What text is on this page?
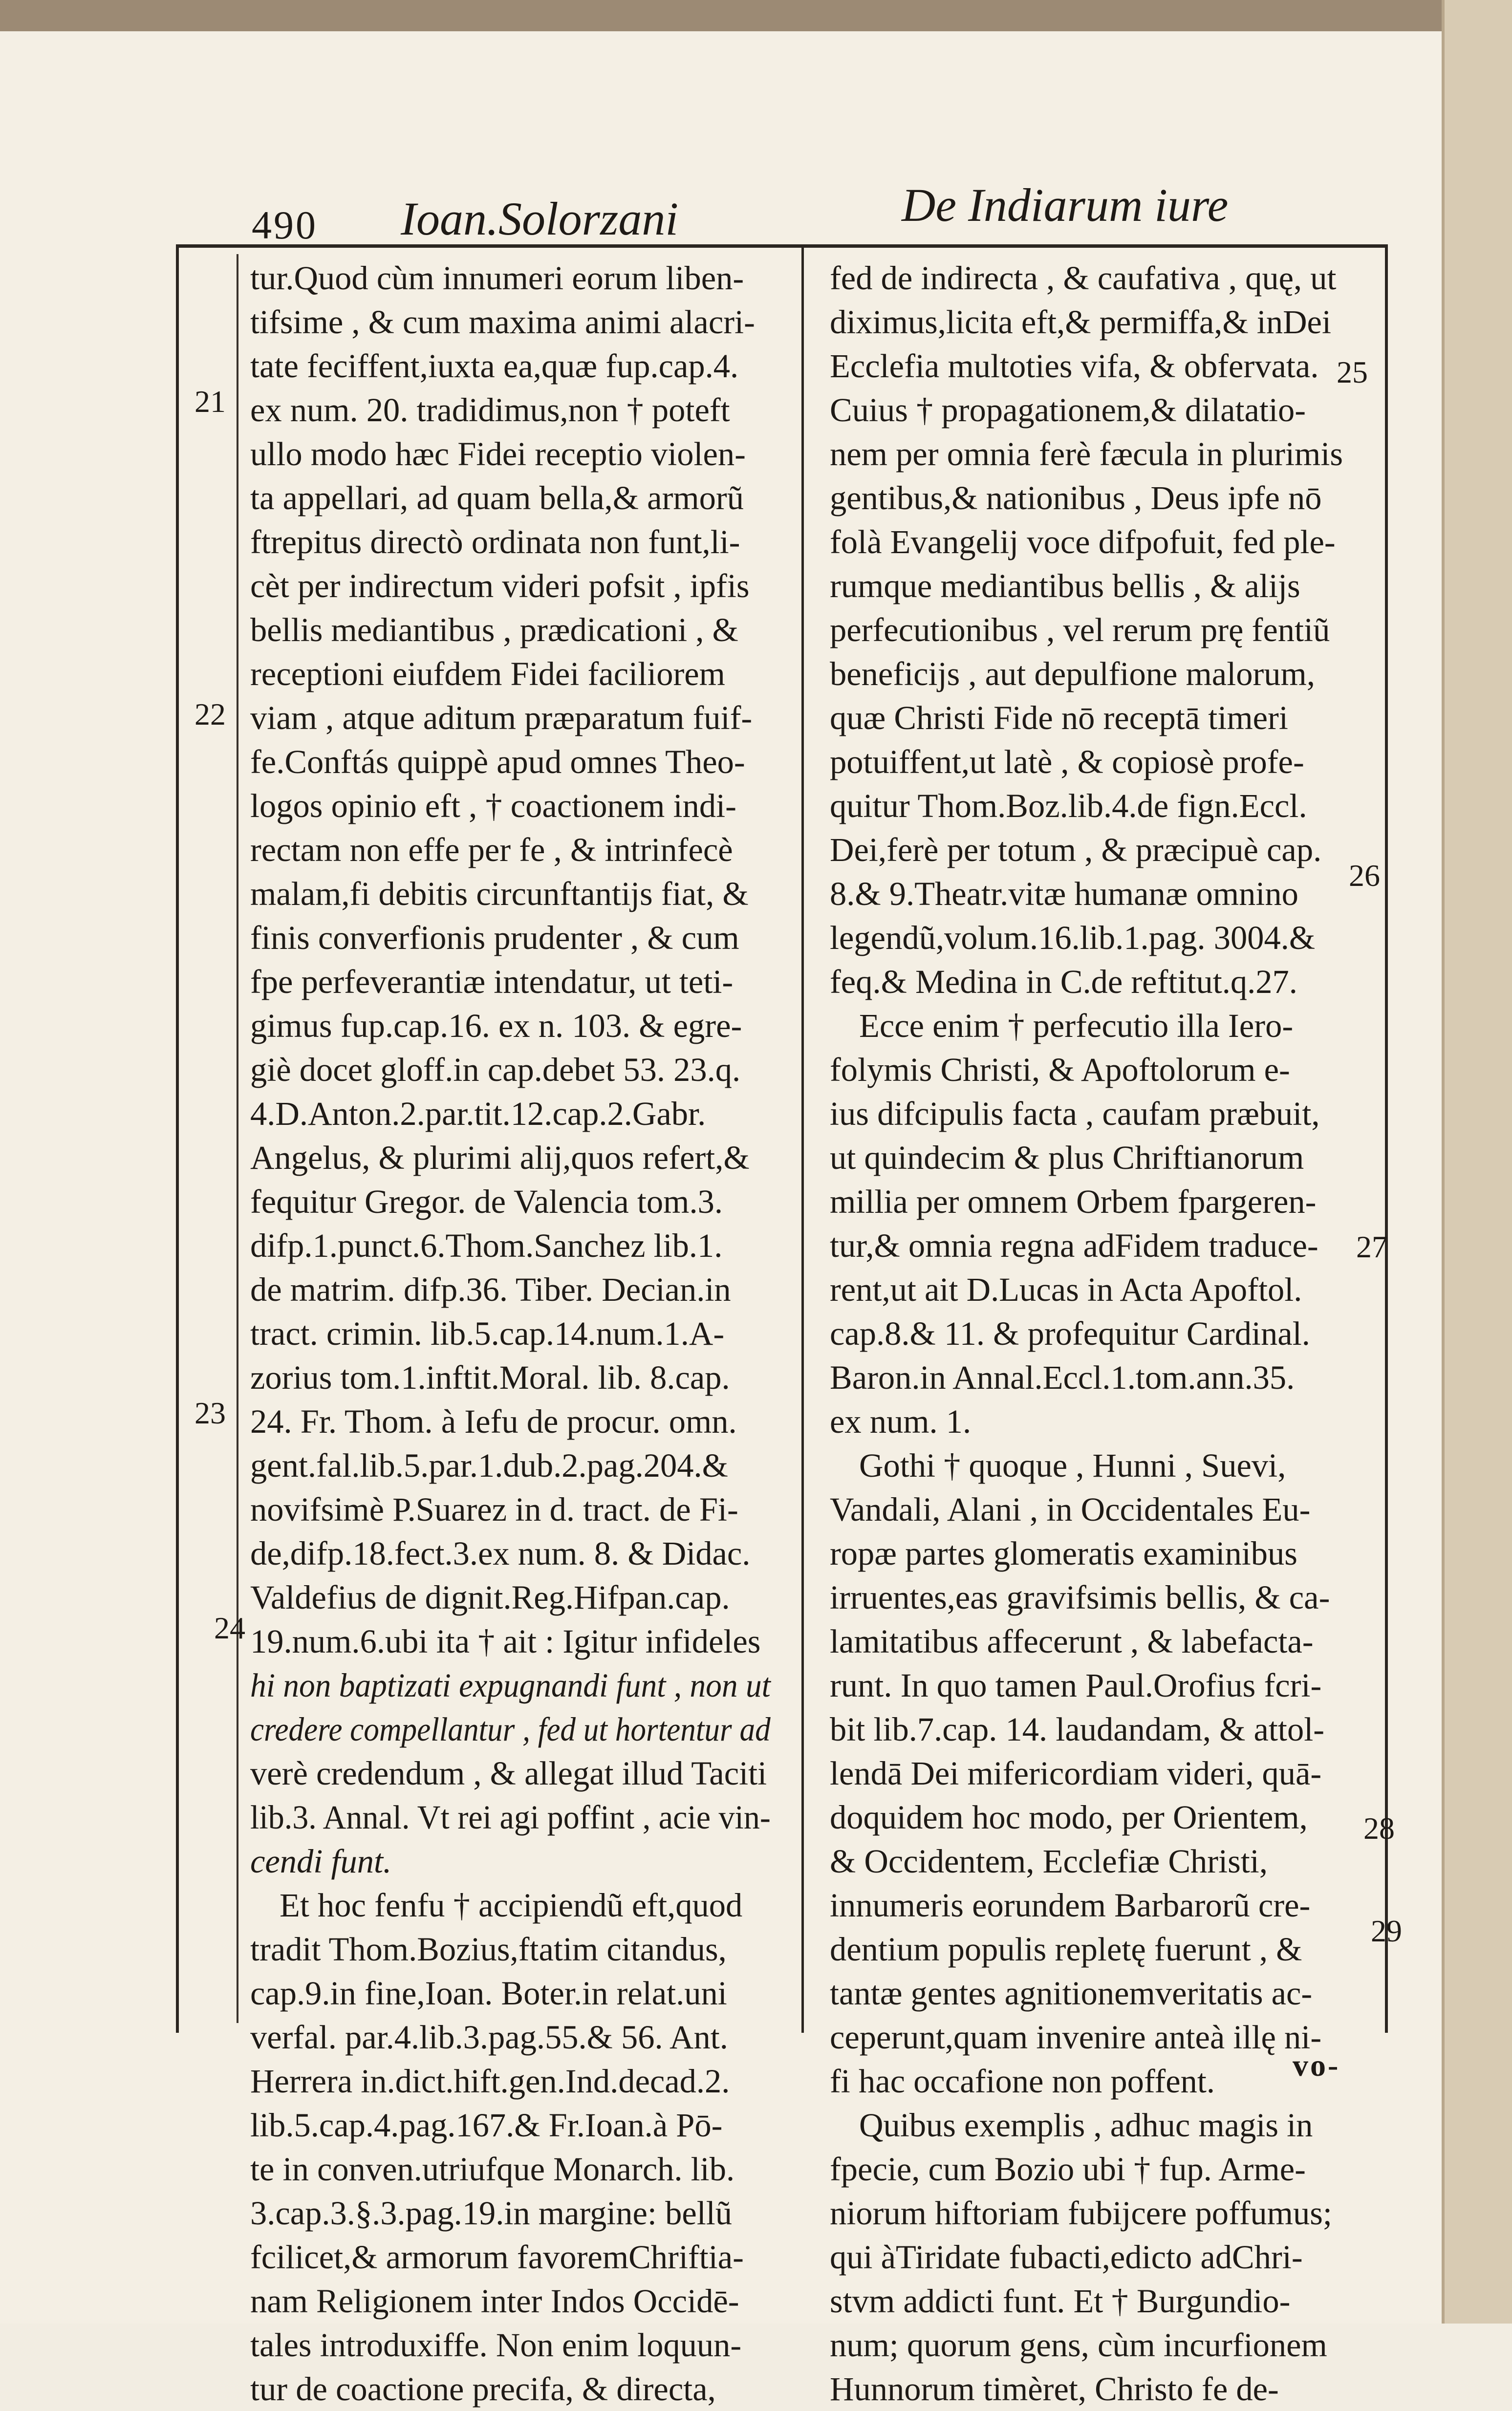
490 Ioan.Solorzani	De Indiarum iure
tur.Quod cùm innumeri eorum liben-
tifsime , & cum maxima animi alacri-
tate feciffent,iuxta ea,quæ fup.cap.4.
ex num. 20. tradidimus,non † poteft
ullo modo hæc Fidei receptio violen-
ta appellari, ad quam bella,& armorũ
ftrepitus directò ordinata non funt,li-
cèt per indirectum videri pofsit , ipfis
bellis mediantibus , prædicationi , &
receptioni eiufdem Fidei faciliorem
viam , atque aditum præparatum fuif-
fe.Conftás quippè apud omnes Theo-
logos opinio eft , † coactionem indi-
rectam non effe per fe , & intrinfecè
malam,fi debitis circunftantijs fiat, &
finis converfionis prudenter , & cum
fpe perfeverantiæ intendatur, ut teti-
gimus fup.cap.16. ex n. 103. & egre-
giè docet gloff.in cap.debet 53. 23.q.
4.D.Anton.2.par.tit.12.cap.2.Gabr.
Angelus, & plurimi alij,quos refert,&
fequitur Gregor. de Valencia tom.3.
difp.1.punct.6.Thom.Sanchez lib.1.
de matrim. difp.36. Tiber. Decian.in
tract. crimin. lib.5.cap.14.num.1.A-
zorius tom.1.inftit.Moral. lib. 8.cap.
24. Fr. Thom. à Iefu de procur. omn.
gent.fal.lib.5.par.1.dub.2.pag.204.&
novifsimè P.Suarez in d. tract. de Fi-
de,difp.18.fect.3.ex num. 8. & Didac.
Valdefius de dignit.Reg.Hifpan.cap.
19.num.6.ubi ita † ait : Igitur infideles
hi non baptizati expugnandi funt , non ut
credere compellantur , fed ut hortentur ad
verè credendum , & allegat illud Taciti
lib.3. Annal. Vt rei agi poffint , acie vin-
cendi funt.
Et hoc fenfu † accipiendũ eft,quod
tradit Thom.Bozius,ftatim citandus,
cap.9.in fine,Ioan. Boter.in relat.uni
verfal. par.4.lib.3.pag.55.& 56. Ant.
Herrera in.dict.hift.gen.Ind.decad.2.
lib.5.cap.4.pag.167.& Fr.Ioan.à Pō-
te in conven.utriufque Monarch. lib.
3.cap.3.§.3.pag.19.in margine: bellũ
fcilicet,& armorum favoremChriftia-
nam Religionem inter Indos Occidē-
tales introduxiffe. Non enim loquun-
tur de coactione precifa, & directa,
fed de indirecta , & caufativa , quę, ut
diximus,licita eft,& permiffa,& inDei
Ecclefia multoties vifa, & obfervata.
Cuius † propagationem,& dilatatio-
nem per omnia ferè fæcula in plurimis
gentibus,& nationibus , Deus ipfe nō
folà Evangelij voce difpofuit, fed ple-
rumque mediantibus bellis , & alijs
perfecutionibus , vel rerum prę fentiũ
beneficijs , aut depulfione malorum,
quæ Christi Fide nō receptā timeri
potuiffent,ut latè , & copiosè profe-
quitur Thom.Boz.lib.4.de fign.Eccl.
Dei,ferè per totum , & præcipuè cap.
8.& 9.Theatr.vitæ humanæ omnino
legendũ,volum.16.lib.1.pag. 3004.&
feq.& Medina in C.de reftitut.q.27.
Ecce enim † perfecutio illa Iero-
folymis Christi, & Apoftolorum e-
ius difcipulis facta , caufam præbuit,
ut quindecim & plus Chriftianorum
millia per omnem Orbem fpargeren-
tur,& omnia regna adFidem traduce-
rent,ut ait D.Lucas in Acta Apoftol.
cap.8.& 11. & profequitur Cardinal.
Baron.in Annal.Eccl.1.tom.ann.35.
ex num. 1.
Gothi † quoque , Hunni , Suevi,
Vandali, Alani , in Occidentales Eu-
ropæ partes glomeratis examinibus
irruentes,eas gravifsimis bellis, & ca-
lamitatibus affecerunt , & labefacta-
runt. In quo tamen Paul.Orofius fcri-
bit lib.7.cap. 14. laudandam, & attol-
lendā Dei mifericordiam videri, quā-
doquidem hoc modo, per Orientem,
& Occidentem, Ecclefiæ Christi,
innumeris eorundem Barbarorũ cre-
dentium populis repletę fuerunt , &
tantæ gentes agnitionemveritatis ac-
ceperunt,quam invenire anteà illę ni-
fi hac occafione non poffent.
Quibus exemplis , adhuc magis in
fpecie, cum Bozio ubi † fup. Arme-
niorum hiftoriam fubijcere poffumus;
qui àTiridate fubacti,edicto adChri-
stvm addicti funt. Et † Burgundio-
num; quorum gens, cùm incurfionem
Hunnorum timèret, Christo fe de-
21
22
23
24
25
26
27
28
29
vo-
